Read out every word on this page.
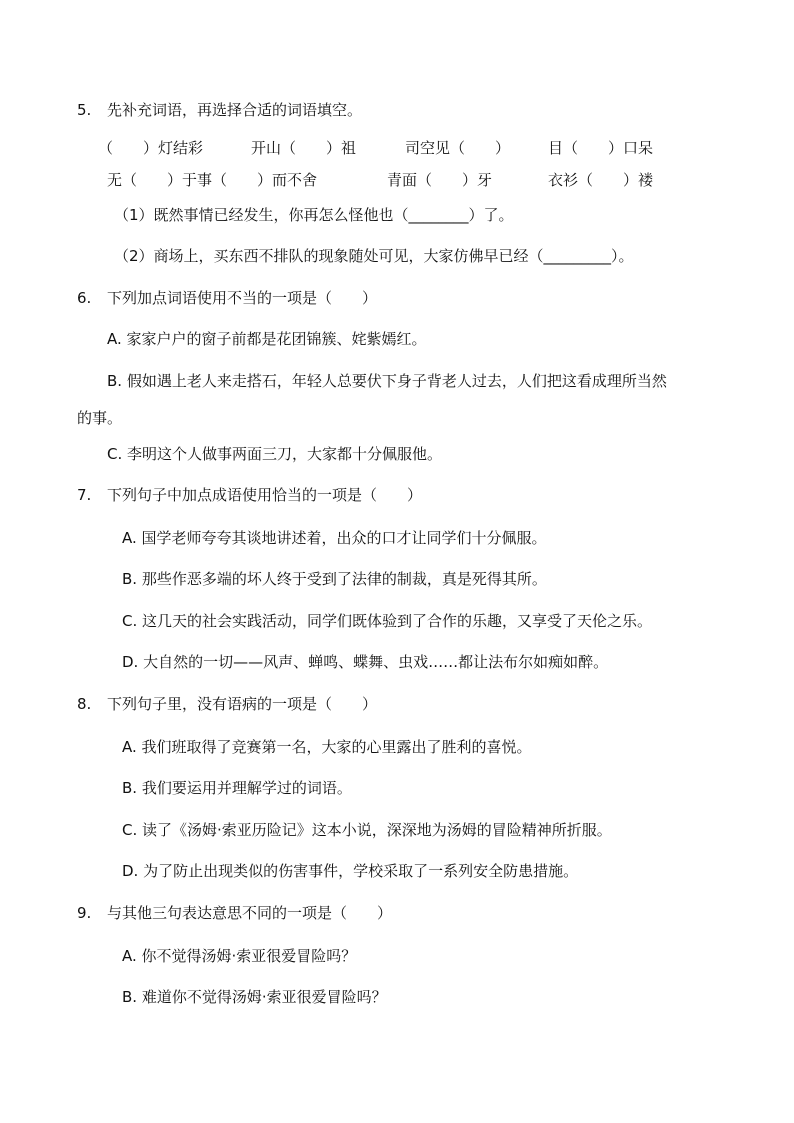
5. 先补充词语，再选择合适的词语填空。
（　　）灯结彩	开山（　　）祖	司空见（　　）	目（　　）口呆
无（　　）于事（　　）而不舍	青面（　　）牙	衣衫（　　）褛
（1）既然事情已经发生，你再怎么怪他也（________）了。
（2）商场上，买东西不排队的现象随处可见，大家仿佛早已经（_________）。
6. 下列加点词语使用不当的一项是（　　）
A. 家家户户的窗子前都是花团锦簇、姹紫嫣红。
B. 假如遇上老人来走搭石，年轻人总要伏下身子背老人过去，人们把这看成理所当然
的事。
C. 李明这个人做事两面三刀，大家都十分佩服他。
7. 下列句子中加点成语使用恰当的一项是（　　）
A. 国学老师夸夸其谈地讲述着，出众的口才让同学们十分佩服。
B. 那些作恶多端的坏人终于受到了法律的制裁，真是死得其所。
C. 这几天的社会实践活动，同学们既体验到了合作的乐趣，又享受了天伦之乐。
D. 大自然的一切——风声、蝉鸣、蝶舞、虫戏……都让法布尔如痴如醉。
8. 下列句子里，没有语病的一项是（　　）
A. 我们班取得了竞赛第一名，大家的心里露出了胜利的喜悦。
B. 我们要运用并理解学过的词语。
C. 读了《汤姆·索亚历险记》这本小说，深深地为汤姆的冒险精神所折服。
D. 为了防止出现类似的伤害事件，学校采取了一系列安全防患措施。
9. 与其他三句表达意思不同的一项是（　　）
A. 你不觉得汤姆·索亚很爱冒险吗？
B. 难道你不觉得汤姆·索亚很爱冒险吗？
